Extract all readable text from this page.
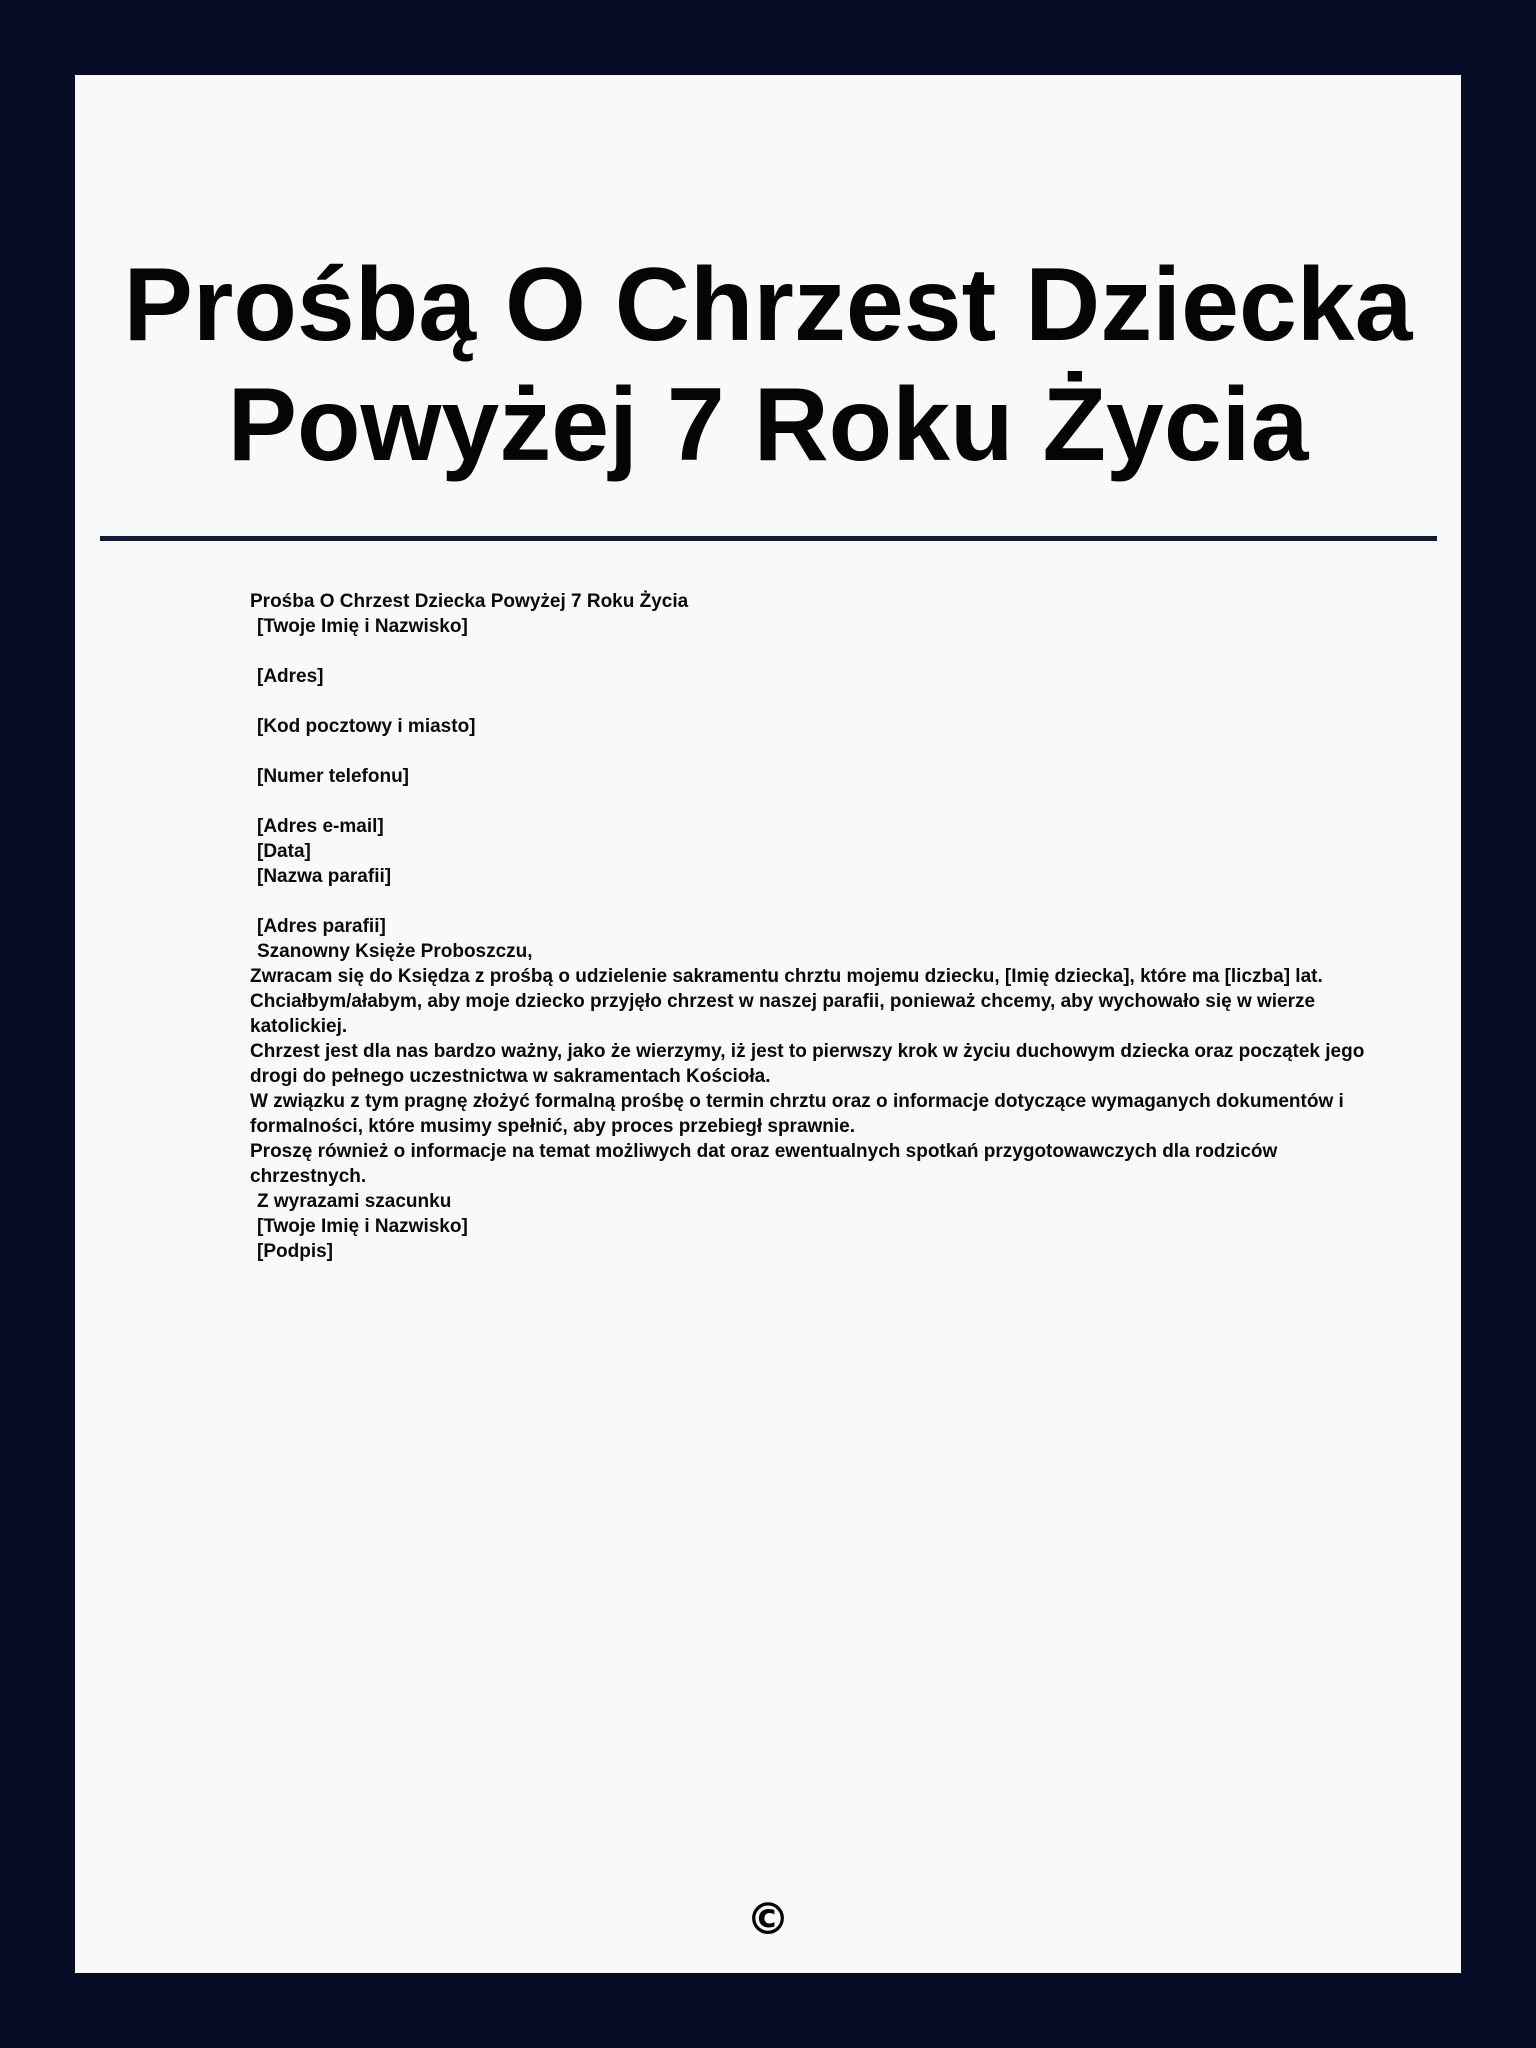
Prośbą O Chrzest Dziecka
Powyżej 7 Roku Życia
Prośba O Chrzest Dziecka Powyżej 7 Roku Życia
[Twoje Imię i Nazwisko]
[Adres]
[Kod pocztowy i miasto]
[Numer telefonu]
[Adres e-mail]
[Data]
[Nazwa parafii]
[Adres parafii]
Szanowny Księże Proboszczu,
Zwracam się do Księdza z prośbą o udzielenie sakramentu chrztu mojemu dziecku, [Imię dziecka], które ma [liczba] lat.
Chciałbym/ałabym, aby moje dziecko przyjęło chrzest w naszej parafii, ponieważ chcemy, aby wychowało się w wierze katolickiej.
Chrzest jest dla nas bardzo ważny, jako że wierzymy, iż jest to pierwszy krok w życiu duchowym dziecka oraz początek jego drogi do pełnego uczestnictwa w sakramentach Kościoła.
W związku z tym pragnę złożyć formalną prośbę o termin chrztu oraz o informacje dotyczące wymaganych dokumentów i formalności, które musimy spełnić, aby proces przebiegł sprawnie.
Proszę również o informacje na temat możliwych dat oraz ewentualnych spotkań przygotowawczych dla rodziców chrzestnych.
Z wyrazami szacunku
[Twoje Imię i Nazwisko]
[Podpis]
©
